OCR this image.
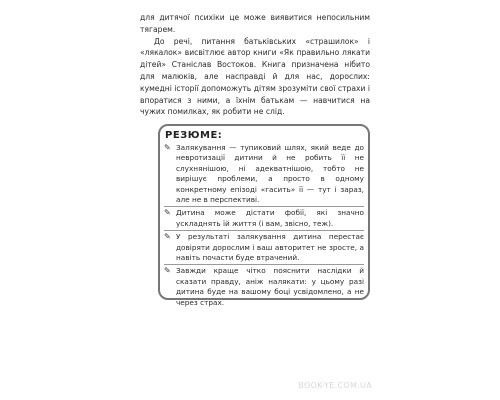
для дитячої психіки це може виявитися непосильним тягарем.

До речі, питання батьківських «страшилок» і «лякалок» висвітлює автор книги «Як правильно лякати дітей» Станіслав Востоков. Книга призначена нібито для малюків, але насправді й для нас, дорослих: кумедні історії допоможуть дітям зрозуміти свої страхи і впоратися з ними, а їхнім батькам — навчитися на чужих помилках, як робити не слід.

РЕЗЮМЕ:
✎ Залякування — тупиковий шлях, який веде до невротизації дитини й не робить її не слухнянішою, ні адекватнішою, тобто не вирішує проблеми, а просто в одному конкретному епізоді «гасить» її — тут і зараз, але не в перспективі.
✎ Дитина може дістати фобії, які значно ускладнять їй життя (і вам, звісно, теж).
✎ У результаті залякування дитина перестає довіряти дорослим і ваш авторитет не зросте, а навіть почасти буде втрачений.
✎ Завжди краще чітко пояснити наслідки й сказати правду, аніж налякати: у цьому разі дитина буде на вашому боці усвідомлено, а не через страх.
BOOK-YE.COM.UA
